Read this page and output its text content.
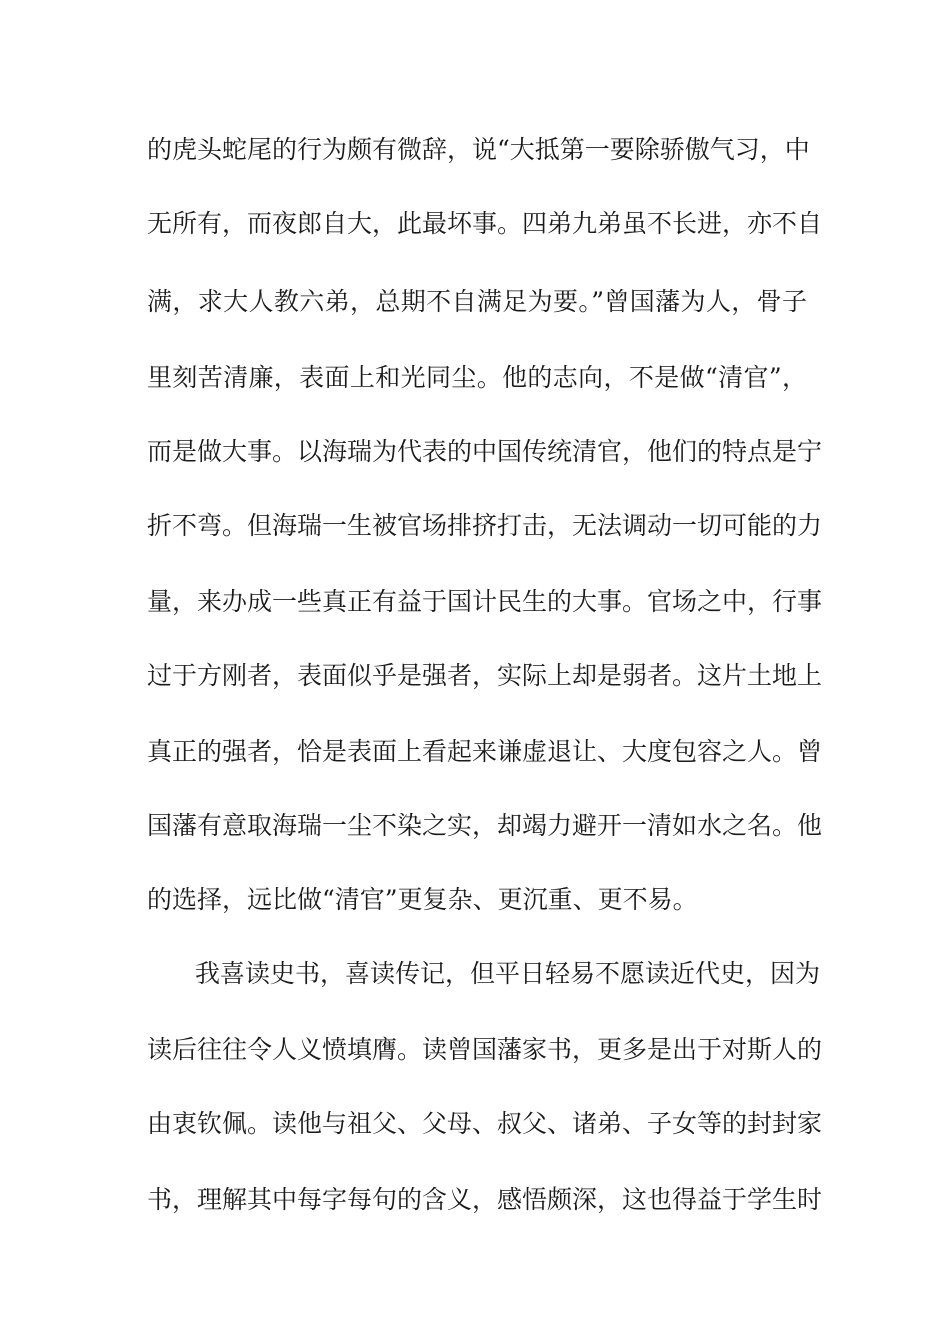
的虎头蛇尾的行为颇有微辞，说“大抵第一要除骄傲气习，中
无所有，而夜郎自大，此最坏事。四弟九弟虽不长进，亦不自
满，求大人教六弟，总期不自满足为要。”曾国藩为人，骨子
里刻苦清廉，表面上和光同尘。他的志向，不是做“清官”，
而是做大事。以海瑞为代表的中国传统清官，他们的特点是宁
折不弯。但海瑞一生被官场排挤打击，无法调动一切可能的力
量，来办成一些真正有益于国计民生的大事。官场之中，行事
过于方刚者，表面似乎是强者，实际上却是弱者。这片土地上
真正的强者，恰是表面上看起来谦虚退让、大度包容之人。曾
国藩有意取海瑞一尘不染之实，却竭力避开一清如水之名。他
的选择，远比做“清官”更复杂、更沉重、更不易。
我喜读史书，喜读传记，但平日轻易不愿读近代史，因为
读后往往令人义愤填膺。读曾国藩家书，更多是出于对斯人的
由衷钦佩。读他与祖父、父母、叔父、诸弟、子女等的封封家
书，理解其中每字每句的含义，感悟颇深，这也得益于学生时
